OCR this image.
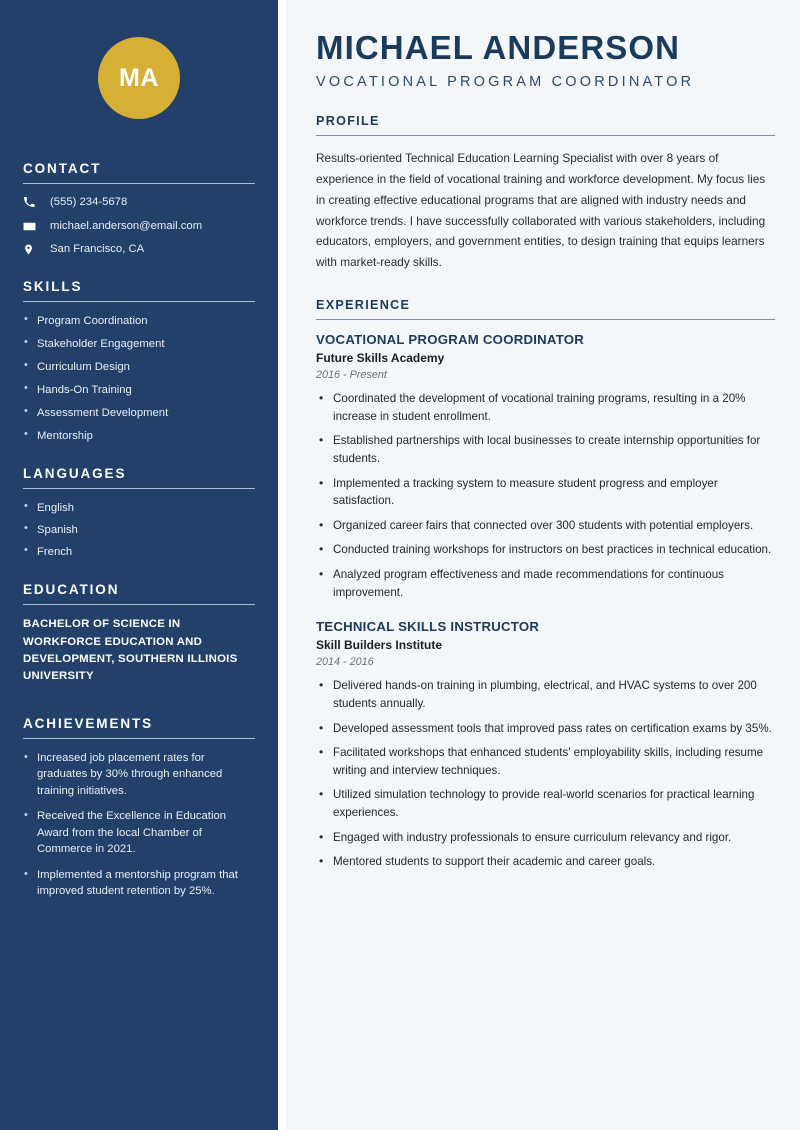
MA
CONTACT
(555) 234-5678
michael.anderson@email.com
San Francisco, CA
SKILLS
• Program Coordination
• Stakeholder Engagement
• Curriculum Design
• Hands-On Training
• Assessment Development
• Mentorship
LANGUAGES
• English
• Spanish
• French
EDUCATION
BACHELOR OF SCIENCE IN WORKFORCE EDUCATION AND DEVELOPMENT, SOUTHERN ILLINOIS UNIVERSITY
ACHIEVEMENTS
• Increased job placement rates for graduates by 30% through enhanced training initiatives.
• Received the Excellence in Education Award from the local Chamber of Commerce in 2021.
• Implemented a mentorship program that improved student retention by 25%.
MICHAEL ANDERSON
VOCATIONAL PROGRAM COORDINATOR
PROFILE

Results-oriented Technical Education Learning Specialist with over 8 years of experience in the field of vocational training and workforce development. My focus lies in creating effective educational programs that are aligned with industry needs and workforce trends. I have successfully collaborated with various stakeholders, including educators, employers, and government entities, to design training that equips learners with market-ready skills.

EXPERIENCE
VOCATIONAL PROGRAM COORDINATOR
Future Skills Academy
2016 - Present
• Coordinated the development of vocational training programs, resulting in a 20% increase in student enrollment.
• Established partnerships with local businesses to create internship opportunities for students.
• Implemented a tracking system to measure student progress and employer satisfaction.
• Organized career fairs that connected over 300 students with potential employers.
• Conducted training workshops for instructors on best practices in technical education.
• Analyzed program effectiveness and made recommendations for continuous improvement.
TECHNICAL SKILLS INSTRUCTOR
Skill Builders Institute
2014 - 2016
• Delivered hands-on training in plumbing, electrical, and HVAC systems to over 200 students annually.
• Developed assessment tools that improved pass rates on certification exams by 35%.
• Facilitated workshops that enhanced students' employability skills, including resume writing and interview techniques.
• Utilized simulation technology to provide real-world scenarios for practical learning experiences.
• Engaged with industry professionals to ensure curriculum relevancy and rigor.
• Mentored students to support their academic and career goals.
